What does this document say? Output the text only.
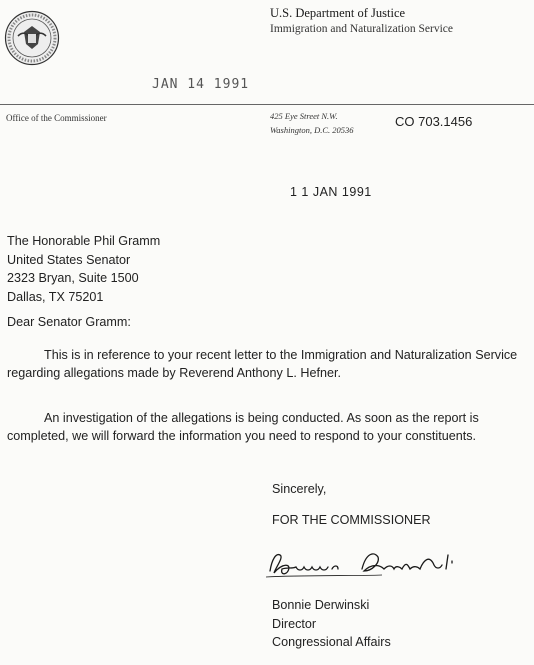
U.S. Department of Justice
Immigration and Naturalization Service
JAN 14 1991
Office of the Commissioner	425 Eye Street N.W.
Washington, D.C. 20536
CO 703.1456
1 1 JAN 1991
The Honorable Phil Gramm
United States Senator
2323 Bryan, Suite 1500
Dallas, TX 75201
Dear Senator Gramm:
This is in reference to your recent letter to the Immigration and Naturalization Service regarding allegations made by Reverend Anthony L. Hefner.
An investigation of the allegations is being conducted. As soon as the report is completed, we will forward the information you need to respond to your constituents.
Sincerely,
FOR THE COMMISSIONER
Bonnie Derwinski
Director
Congressional Affairs
